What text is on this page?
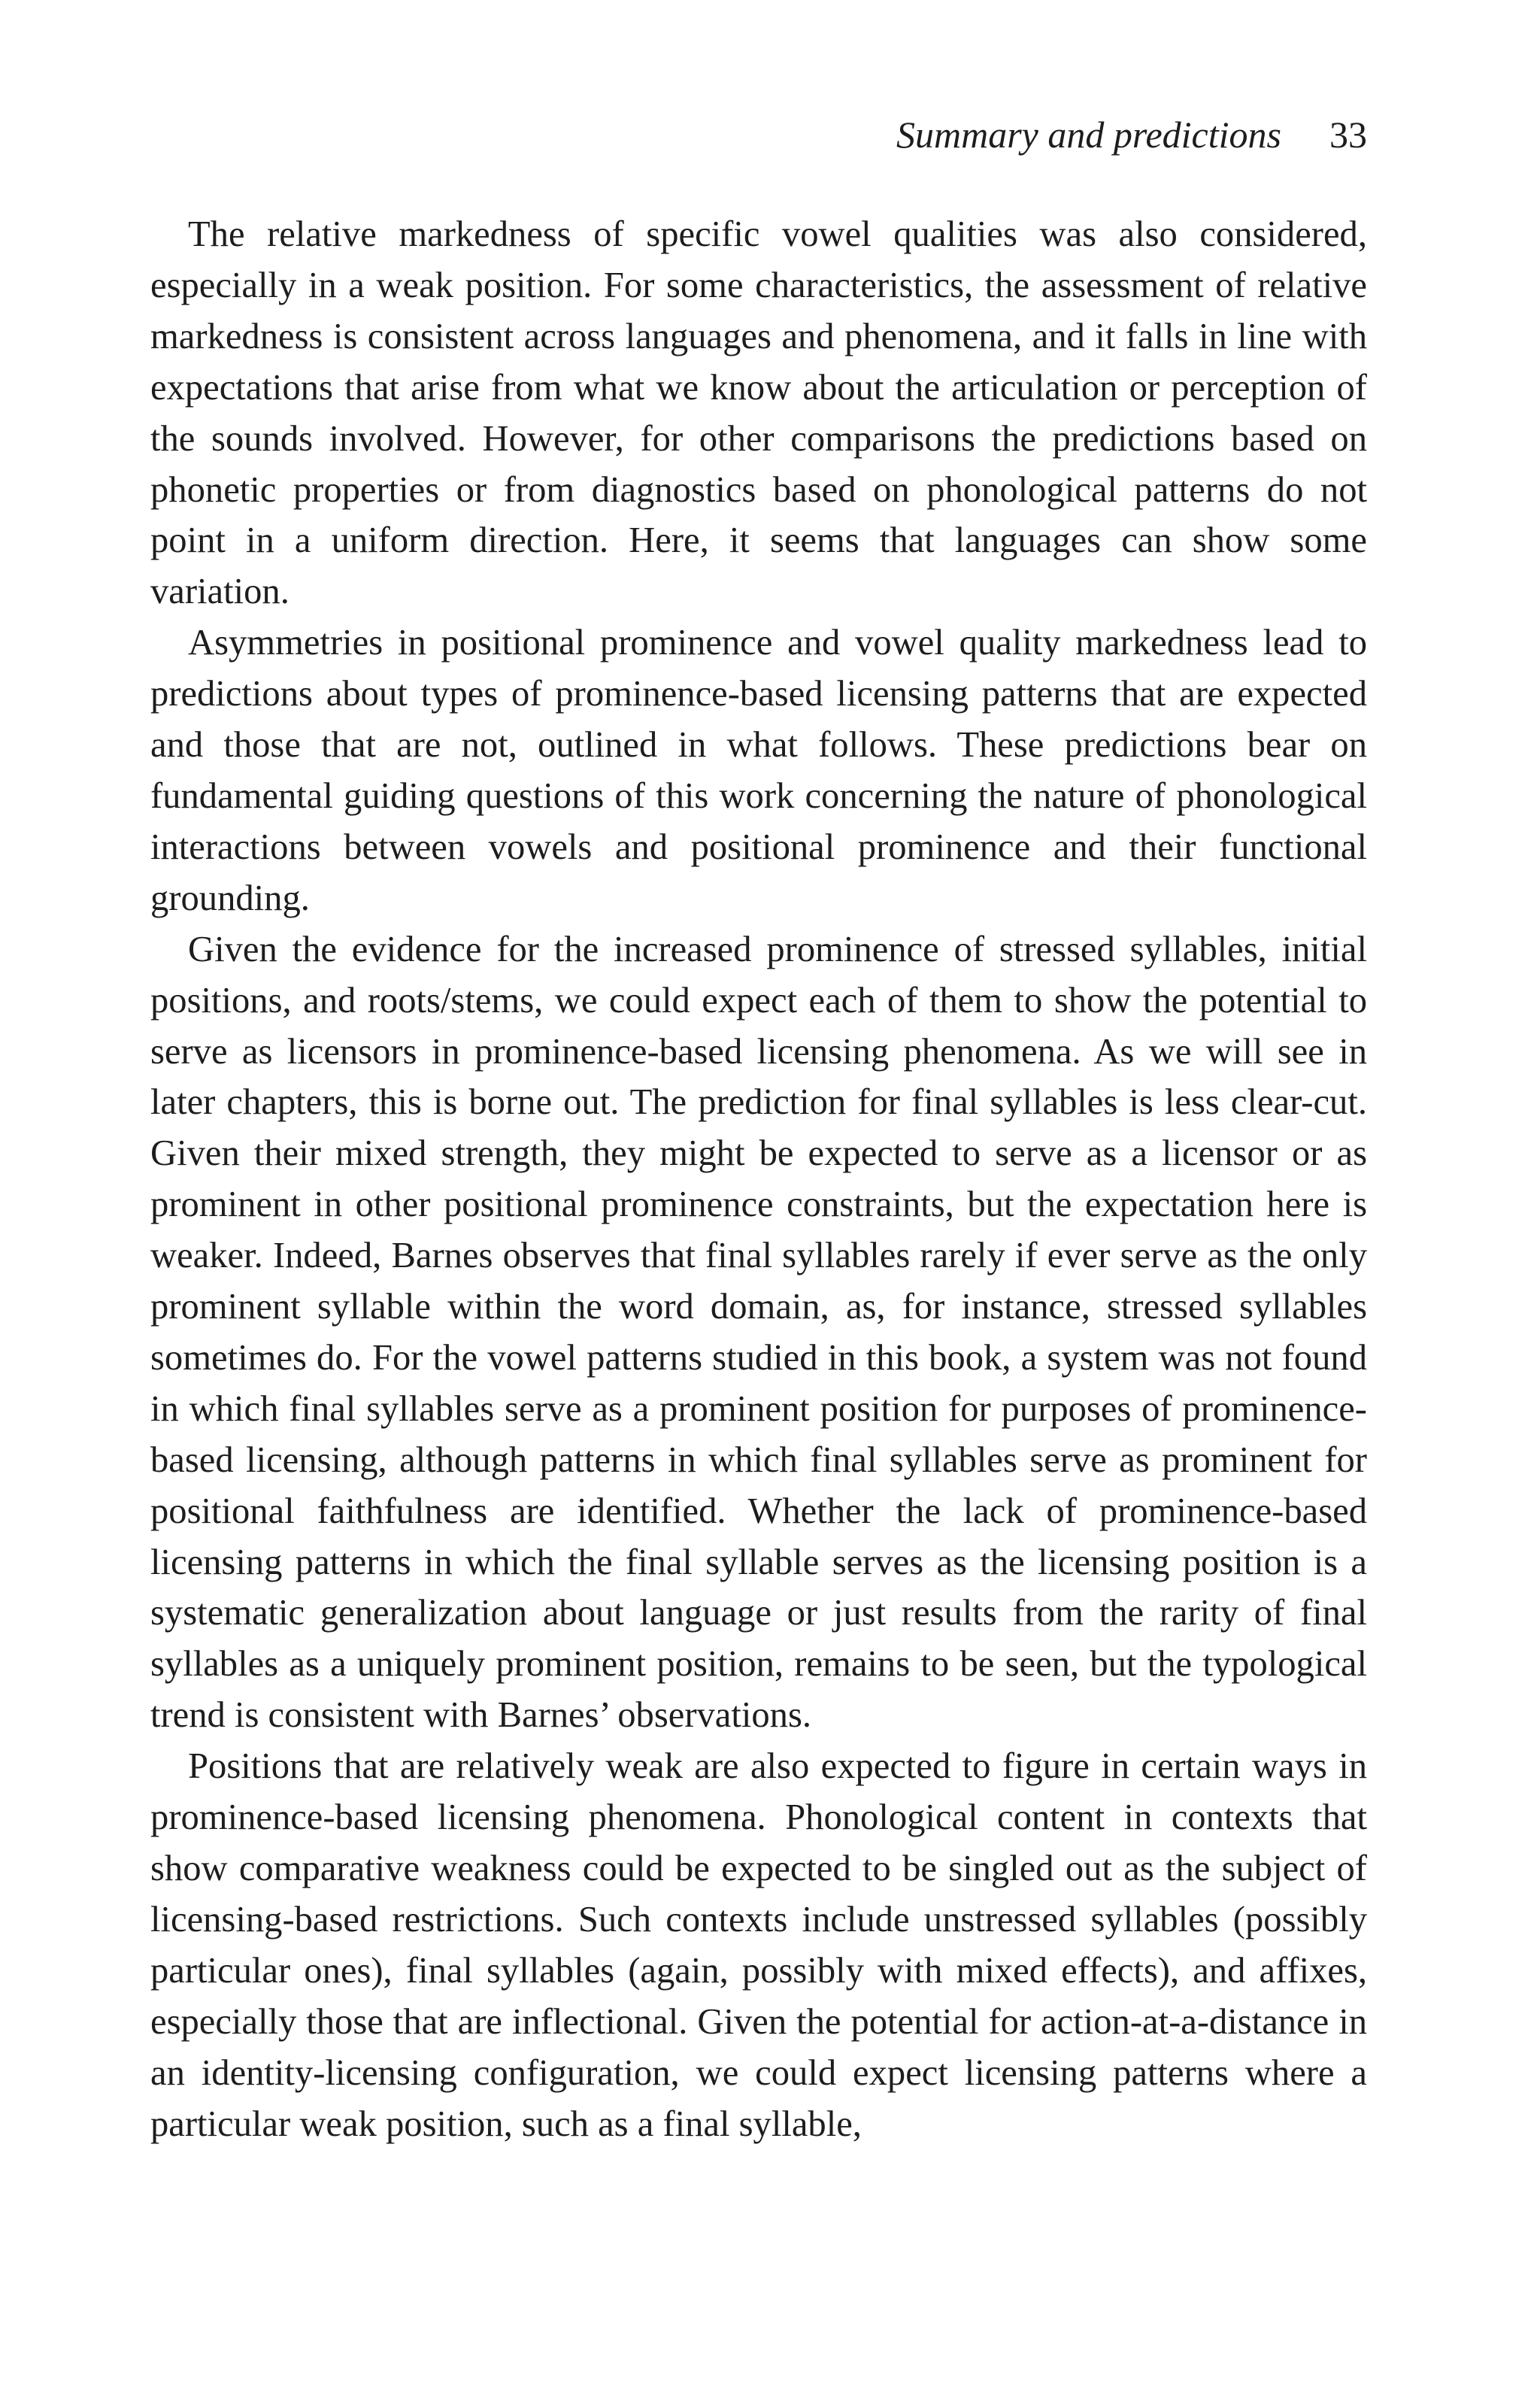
Summary and predictions 33

The relative markedness of specific vowel qualities was also considered, especially in a weak position. For some characteristics, the assessment of relative markedness is consistent across languages and phenomena, and it falls in line with expectations that arise from what we know about the articulation or perception of the sounds involved. However, for other comparisons the predictions based on phonetic properties or from diagnostics based on phonological patterns do not point in a uniform direction. Here, it seems that languages can show some variation.

Asymmetries in positional prominence and vowel quality markedness lead to predictions about types of prominence-based licensing patterns that are expected and those that are not, outlined in what follows. These predictions bear on fundamental guiding questions of this work concerning the nature of phonological interactions between vowels and positional prominence and their functional grounding.

Given the evidence for the increased prominence of stressed syllables, initial positions, and roots/stems, we could expect each of them to show the potential to serve as licensors in prominence-based licensing phenomena. As we will see in later chapters, this is borne out. The prediction for final syllables is less clear-cut. Given their mixed strength, they might be expected to serve as a licensor or as prominent in other positional prominence constraints, but the expectation here is weaker. Indeed, Barnes observes that final syllables rarely if ever serve as the only prominent syllable within the word domain, as, for instance, stressed syllables sometimes do. For the vowel patterns studied in this book, a system was not found in which final syllables serve as a prominent position for purposes of prominence-based licensing, although patterns in which final syllables serve as prominent for positional faithfulness are identified. Whether the lack of prominence-based licensing patterns in which the final syllable serves as the licensing position is a systematic generalization about language or just results from the rarity of final syllables as a uniquely prominent position, remains to be seen, but the typological trend is consistent with Barnes’ observations.

Positions that are relatively weak are also expected to figure in certain ways in prominence-based licensing phenomena. Phonological content in contexts that show comparative weakness could be expected to be singled out as the subject of licensing-based restrictions. Such contexts include unstressed syllables (possibly particular ones), final syllables (again, possibly with mixed effects), and affixes, especially those that are inflectional. Given the potential for action-at-a-distance in an identity-licensing configuration, we could expect licensing patterns where a particular weak position, such as a final syllable,
